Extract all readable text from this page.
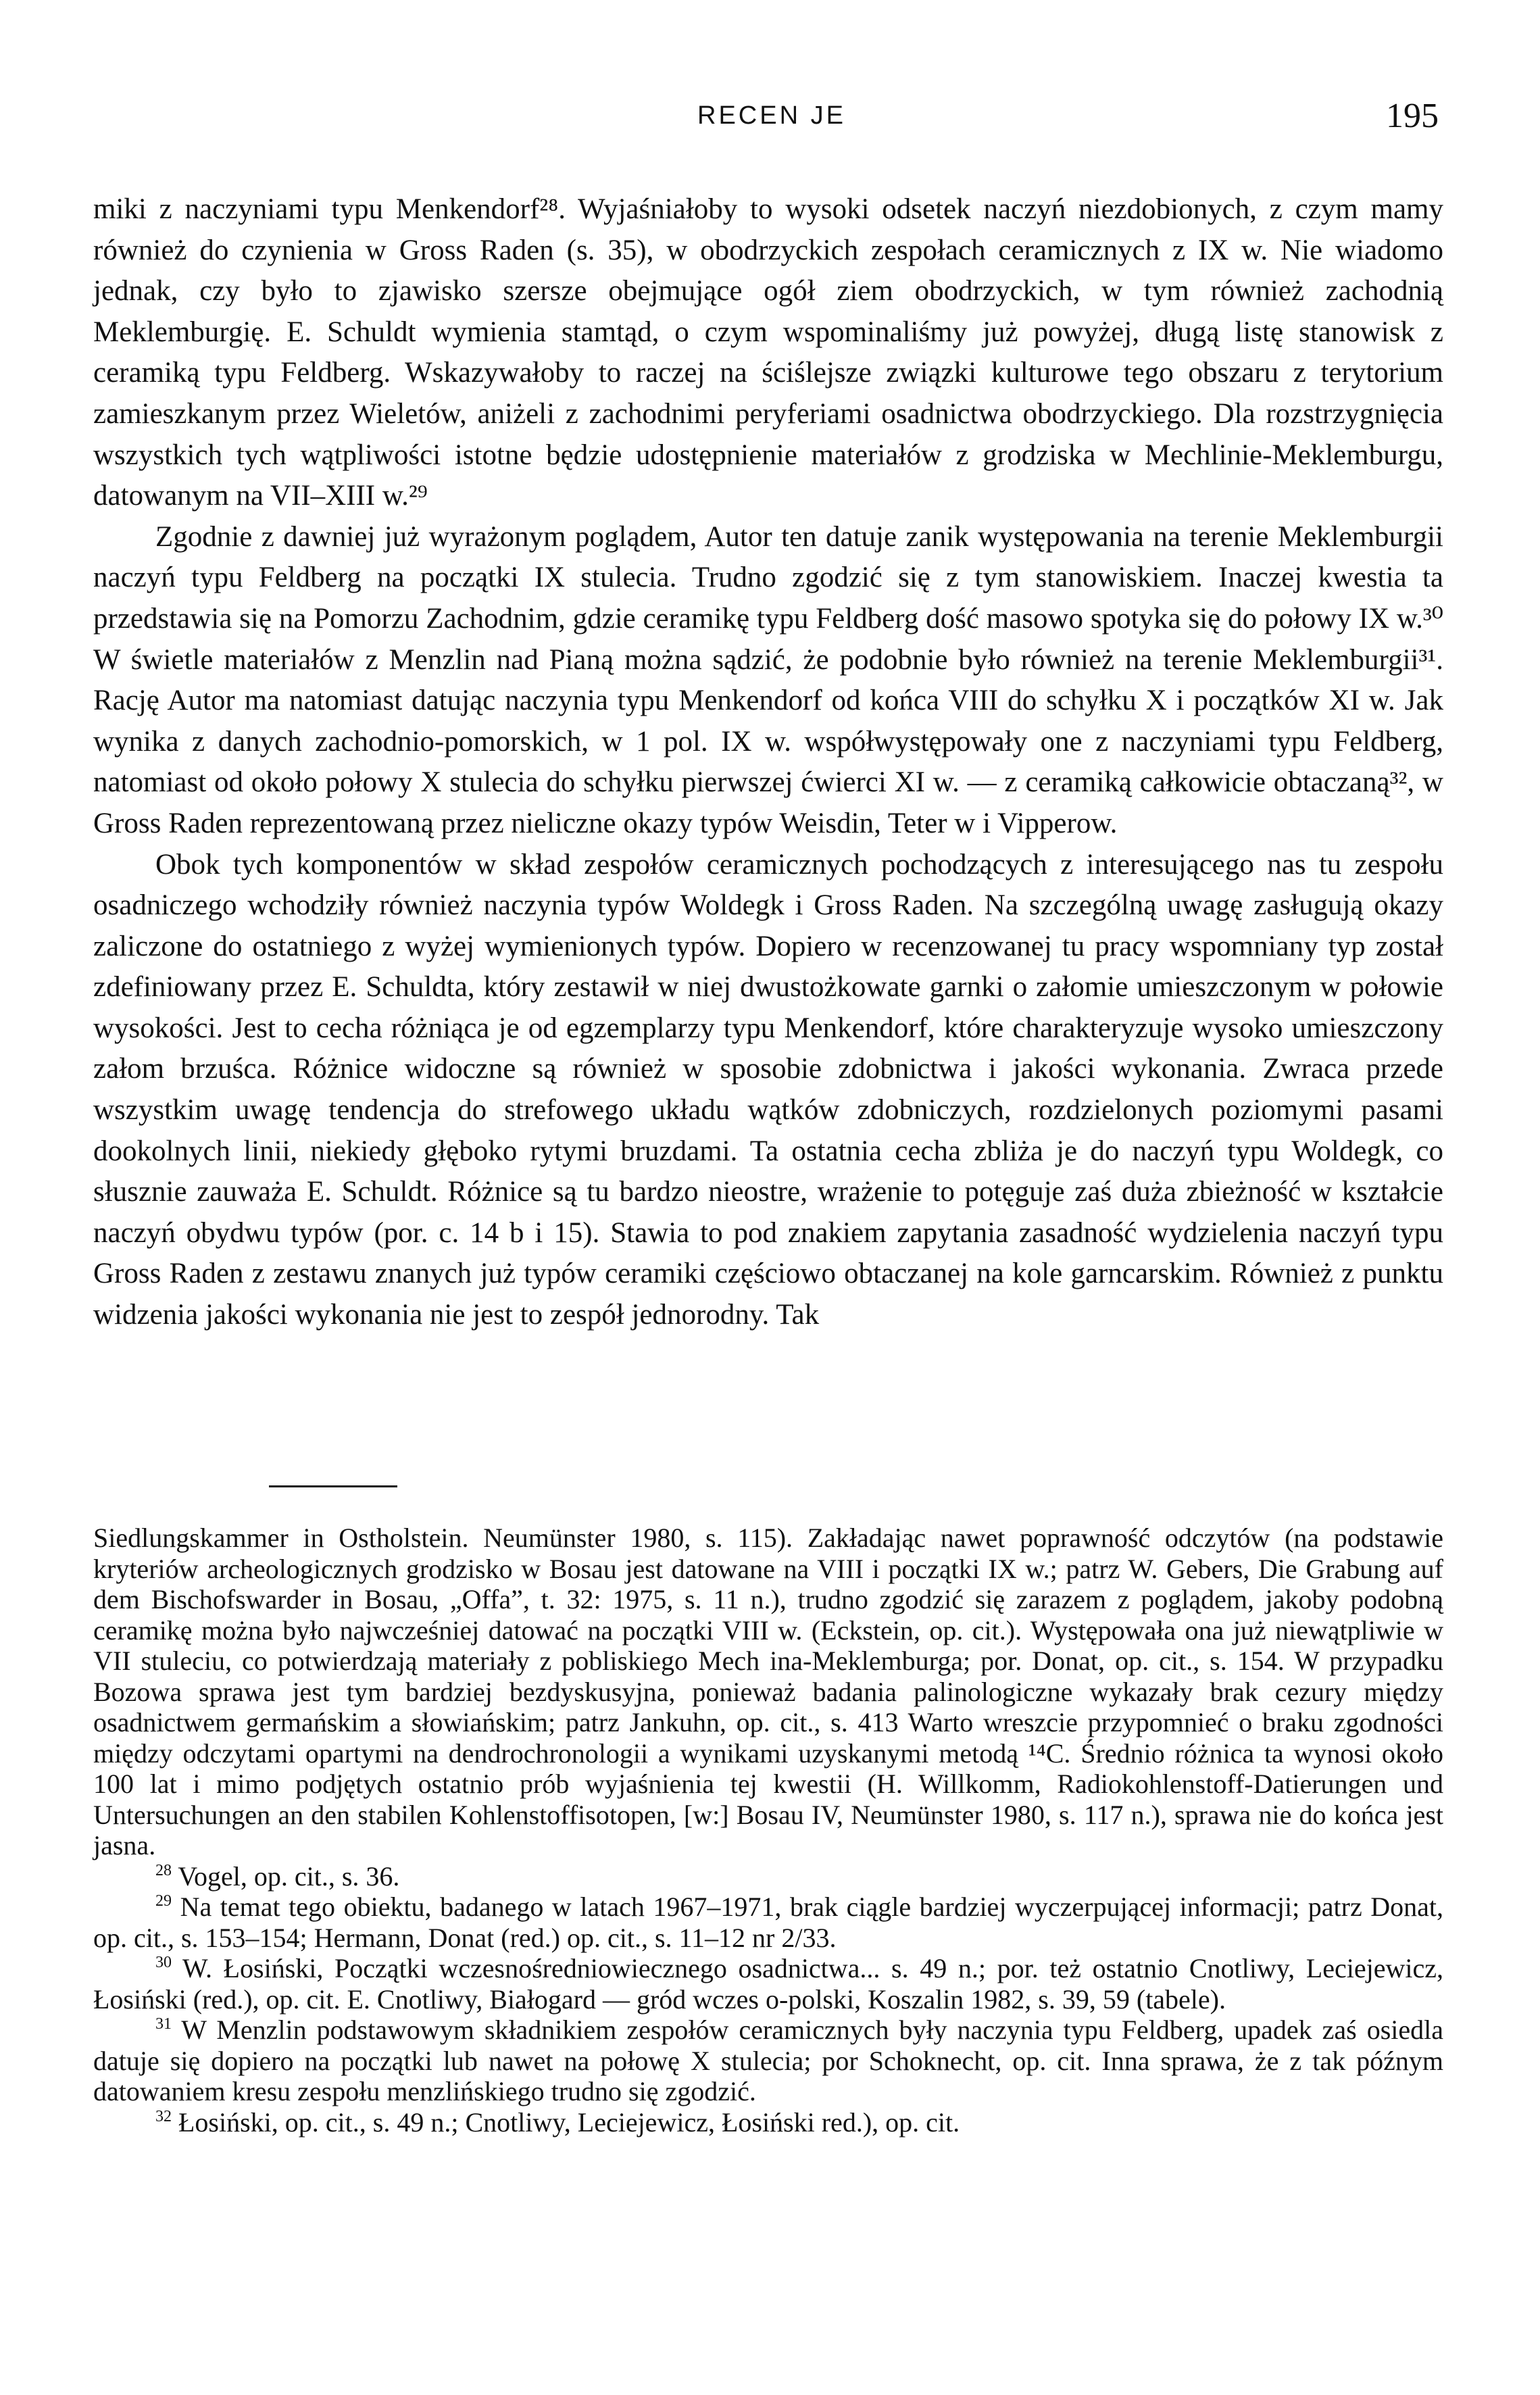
RECEN JE	195

miki z naczyniami typu Menkendorf²⁸. Wyjaśniałoby to wysoki odsetek naczyń niezdobionych, z czym mamy również do czynienia w Gross Raden (s. 35), w obodrzyckich zespołach ceramicznych z IX w. Nie wiadomo jednak, czy było to zjawisko szersze obejmujące ogół ziem obodrzyckich, w tym również zachodnią Meklemburgię. E. Schuldt wymienia stamtąd, o czym wspominaliśmy już powyżej, długą listę stanowisk z ceramiką typu Feldberg. Wskazywałoby to raczej na ściślejsze związki kulturowe tego obszaru z terytorium zamieszkanym przez Wieletów, aniżeli z zachodnimi peryferiami osadnictwa obodrzyckiego. Dla rozstrzygnięcia wszystkich tych wątpliwości istotne będzie udostępnienie materiałów z grodziska w Mechlinie-Meklemburgu, datowanym na VII–XIII w.²⁹

Zgodnie z dawniej już wyrażonym poglądem, Autor ten datuje zanik występowania na terenie Meklemburgii naczyń typu Feldberg na początki IX stulecia. Trudno zgodzić się z tym stanowiskiem. Inaczej kwestia ta przedstawia się na Pomorzu Zachodnim, gdzie ceramikę typu Feldberg dość masowo spotyka się do połowy IX w.³⁰ W świetle materiałów z Menzlin nad Pianą można sądzić, że podobnie było również na terenie Meklemburgii³¹. Rację Autor ma natomiast datując naczynia typu Menkendorf od końca VIII do schyłku X i początków XI w. Jak wynika z danych zachodnio-pomorskich, w 1 pol. IX w. współwystępowały one z naczyniami typu Feldberg, natomiast od około połowy X stulecia do schyłku pierwszej ćwierci XI w. — z ceramiką całkowicie obtaczaną³², w Gross Raden reprezentowaną przez nieliczne okazy typów Weisdin, Teter w i Vipperow.

Obok tych komponentów w skład zespołów ceramicznych pochodzących z interesującego nas tu zespołu osadniczego wchodziły również naczynia typów Woldegk i Gross Raden. Na szczególną uwagę zasługują okazy zaliczone do ostatniego z wyżej wymienionych typów. Dopiero w recenzowanej tu pracy wspomniany typ został zdefiniowany przez E. Schuldta, który zestawił w niej dwustożkowate garnki o załomie umieszczonym w połowie wysokości. Jest to cecha różniąca je od egzemplarzy typu Menkendorf, które charakteryzuje wysoko umieszczony załom brzuśca. Różnice widoczne są również w sposobie zdobnictwa i jakości wykonania. Zwraca przede wszystkim uwagę tendencja do strefowego układu wątków zdobniczych, rozdzielonych poziomymi pasami dookolnych linii, niekiedy głęboko rytymi bruzdami. Ta ostatnia cecha zbliża je do naczyń typu Woldegk, co słusznie zauważa E. Schuldt. Różnice są tu bardzo nieostre, wrażenie to potęguje zaś duża zbieżność w kształcie naczyń obydwu typów (por. c. 14 b i 15). Stawia to pod znakiem zapytania zasadność wydzielenia naczyń typu Gross Raden z zestawu znanych już typów ceramiki częściowo obtaczanej na kole garncarskim. Również z punktu widzenia jakości wykonania nie jest to zespół jednorodny. Tak

Siedlungskammer in Ostholstein. Neumünster 1980, s. 115). Zakładając nawet poprawność odczytów (na podstawie kryteriów archeologicznych grodzisko w Bosau jest datowane na VIII i początki IX w.; patrz W. Gebers, Die Grabung auf dem Bischofswarder in Bosau, „Offa”, t. 32: 1975, s. 11 n.), trudno zgodzić się zarazem z poglądem, jakoby podobną ceramikę można było najwcześniej datować na początki VIII w. (Eckstein, op. cit.). Występowała ona już niewątpliwie w VII stuleciu, co potwierdzają materiały z pobliskiego Mech ina-Meklemburga; por. Donat, op. cit., s. 154. W przypadku Bozowa sprawa jest tym bardziej bezdyskusyjna, ponieważ badania palinologiczne wykazały brak cezury między osadnictwem germańskim a słowiańskim; patrz Jankuhn, op. cit., s. 413 Warto wreszcie przypomnieć o braku zgodności między odczytami opartymi na dendrochronologii a wynikami uzyskanymi metodą ¹⁴C. Średnio różnica ta wynosi około 100 lat i mimo podjętych ostatnio prób wyjaśnienia tej kwestii (H. Willkomm, Radiokohlenstoff-Datierungen und Untersuchungen an den stabilen Kohlenstoffisotopen, [w:] Bosau IV, Neumünster 1980, s. 117 n.), sprawa nie do końca jest jasna.

$^{28}$ Vogel, op. cit., s. 36.

$^{29}$ Na temat tego obiektu, badanego w latach 1967–1971, brak ciągle bardziej wyczerpującej informacji; patrz Donat, op. cit., s. 153–154; Hermann, Donat (red.) op. cit., s. 11–12 nr 2/33.

$^{30}$ W. Łosiński, Początki wczesnośredniowiecznego osadnictwa... s. 49 n.; por. też ostatnio Cnotliwy, Leciejewicz, Łosiński (red.), op. cit. E. Cnotliwy, Białogard — gród wczes o-polski, Koszalin 1982, s. 39, 59 (tabele).

$^{31}$ W Menzlin podstawowym składnikiem zespołów ceramicznych były naczynia typu Feldberg, upadek zaś osiedla datuje się dopiero na początki lub nawet na połowę X stulecia; por Schoknecht, op. cit. Inna sprawa, że z tak późnym datowaniem kresu zespołu menzlińskiego trudno się zgodzić.

$^{32}$ Łosiński, op. cit., s. 49 n.; Cnotliwy, Leciejewicz, Łosiński red.), op. cit.
